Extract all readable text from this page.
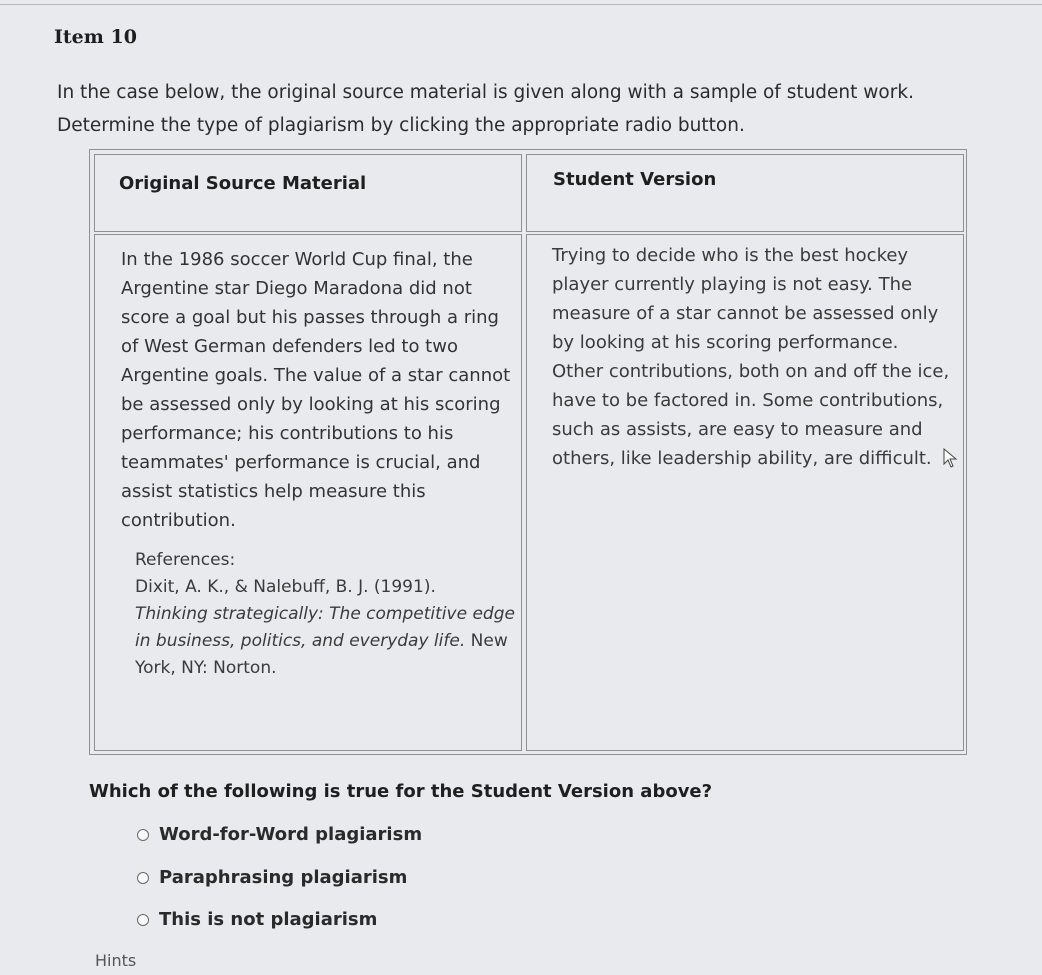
Item 10
In the case below, the original source material is given along with a sample of student work.
Determine the type of plagiarism by clicking the appropriate radio button.
Original Source Material	Student Version

In the 1986 soccer World Cup final, the Argentine star Diego Maradona did not score a goal but his passes through a ring of West German defenders led to two Argentine goals. The value of a star cannot be assessed only by looking at his scoring performance; his contributions to his teammates' performance is crucial, and assist statistics help measure this contribution.

References:
Dixit, A. K., & Nalebuff, B. J. (1991).
Thinking strategically: The competitive edge in business, politics, and everyday life. New York, NY: Norton.

Trying to decide who is the best hockey player currently playing is not easy. The measure of a star cannot be assessed only by looking at his scoring performance. Other contributions, both on and off the ice, have to be factored in. Some contributions, such as assists, are easy to measure and others, like leadership ability, are difficult.

Which of the following is true for the Student Version above?
Word-for-Word plagiarism
Paraphrasing plagiarism
This is not plagiarism
Hints
